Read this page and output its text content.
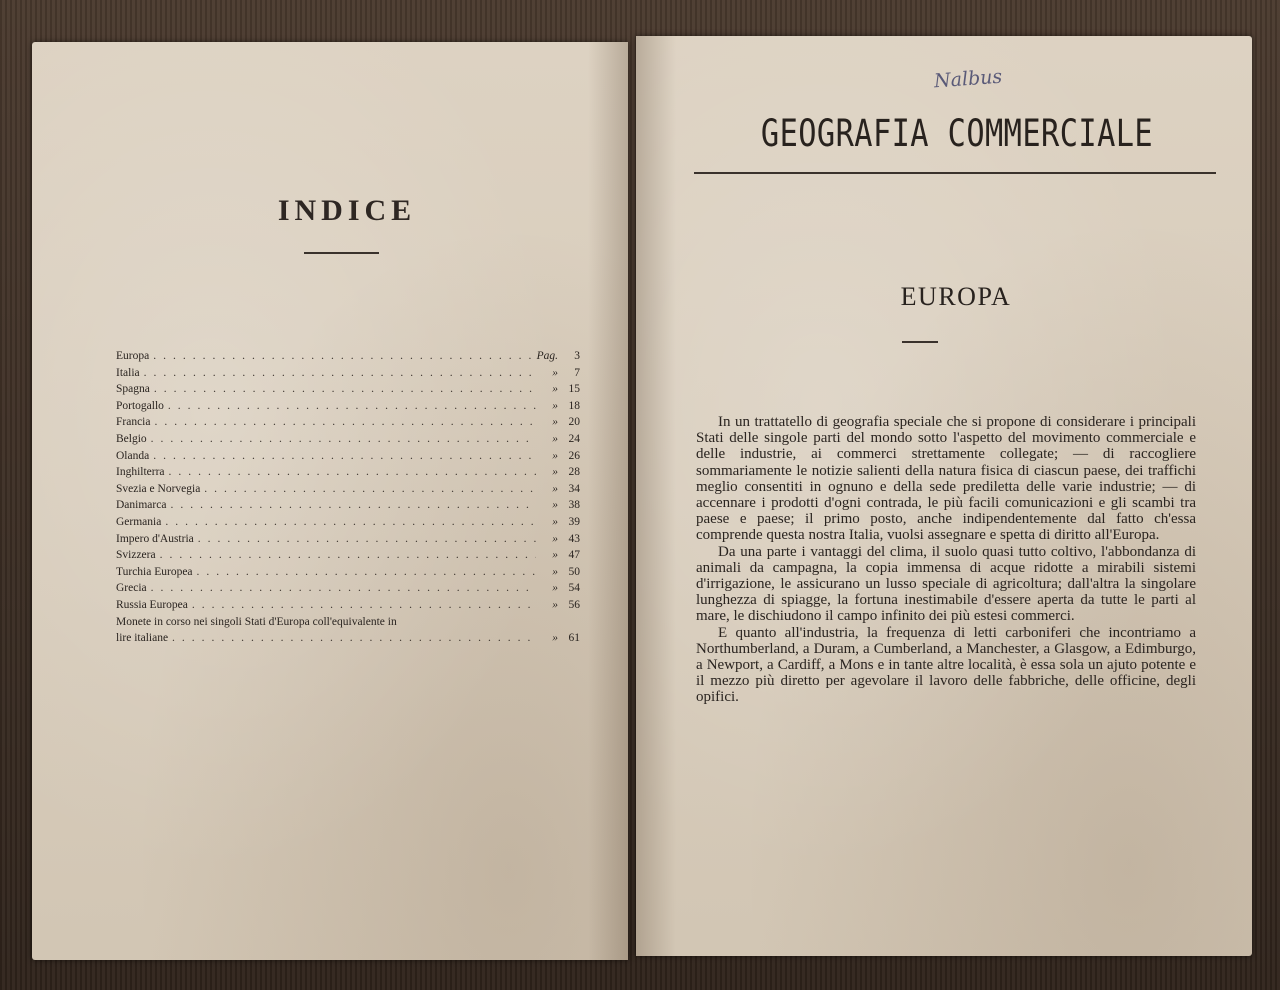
INDICE
Europa .....	Pag.	3
Italia .....	»	7
Spagna .....	» 15
Portogallo .....	» 18
Francia .....	» 20
Belgio .....	» 24
Olanda .....	» 26
Inghilterra .....	» 28
Svezia e Norvegia .....	» 34
Danimarca .....	» 38
Germania .....	» 39
Impero d'Austria .....	» 43
Svizzera .....	» 47
Turchia Europea .....	» 50
Grecia .....	» 54
Russia Europea .....	» 56
Monete in corso nei singoli Stati d'Europa coll'equivalente in
lire italiane .....	» 61
Nalbus
GEOGRAFIA COMMERCIALE
EUROPA

In un trattatello di geografia speciale che si propone di considerare i principali Stati delle singole parti del mondo sotto l'aspetto del movimento commerciale e delle industrie, ai commerci strettamente collegate; — di raccogliere sommariamente le notizie salienti della natura fisica di ciascun paese, dei traffichi meglio consentiti in ognuno e della sede prediletta delle varie industrie; — di accennare i prodotti d'ogni contrada, le più facili comunicazioni e gli scambi tra paese e paese; il primo posto, anche indipendentemente dal fatto ch'essa comprende questa nostra Italia, vuolsi assegnare e spetta di diritto all'Europa.

Da una parte i vantaggi del clima, il suolo quasi tutto coltivo, l'abbondanza di animali da campagna, la copia immensa di acque ridotte a mirabili sistemi d'irrigazione, le assicurano un lusso speciale di agricoltura; dall'altra la singolare lunghezza di spiagge, la fortuna inestimabile d'essere aperta da tutte le parti al mare, le dischiudono il campo infinito dei più estesi commerci.

E quanto all'industria, la frequenza di letti carboniferi che incontriamo a Northumberland, a Duram, a Cumberland, a Manchester, a Glasgow, a Edimburgo, a Newport, a Cardiff, a Mons e in tante altre località, è essa sola un ajuto potente e il mezzo più diretto per agevolare il lavoro delle fabbriche, delle officine, degli opifici.
